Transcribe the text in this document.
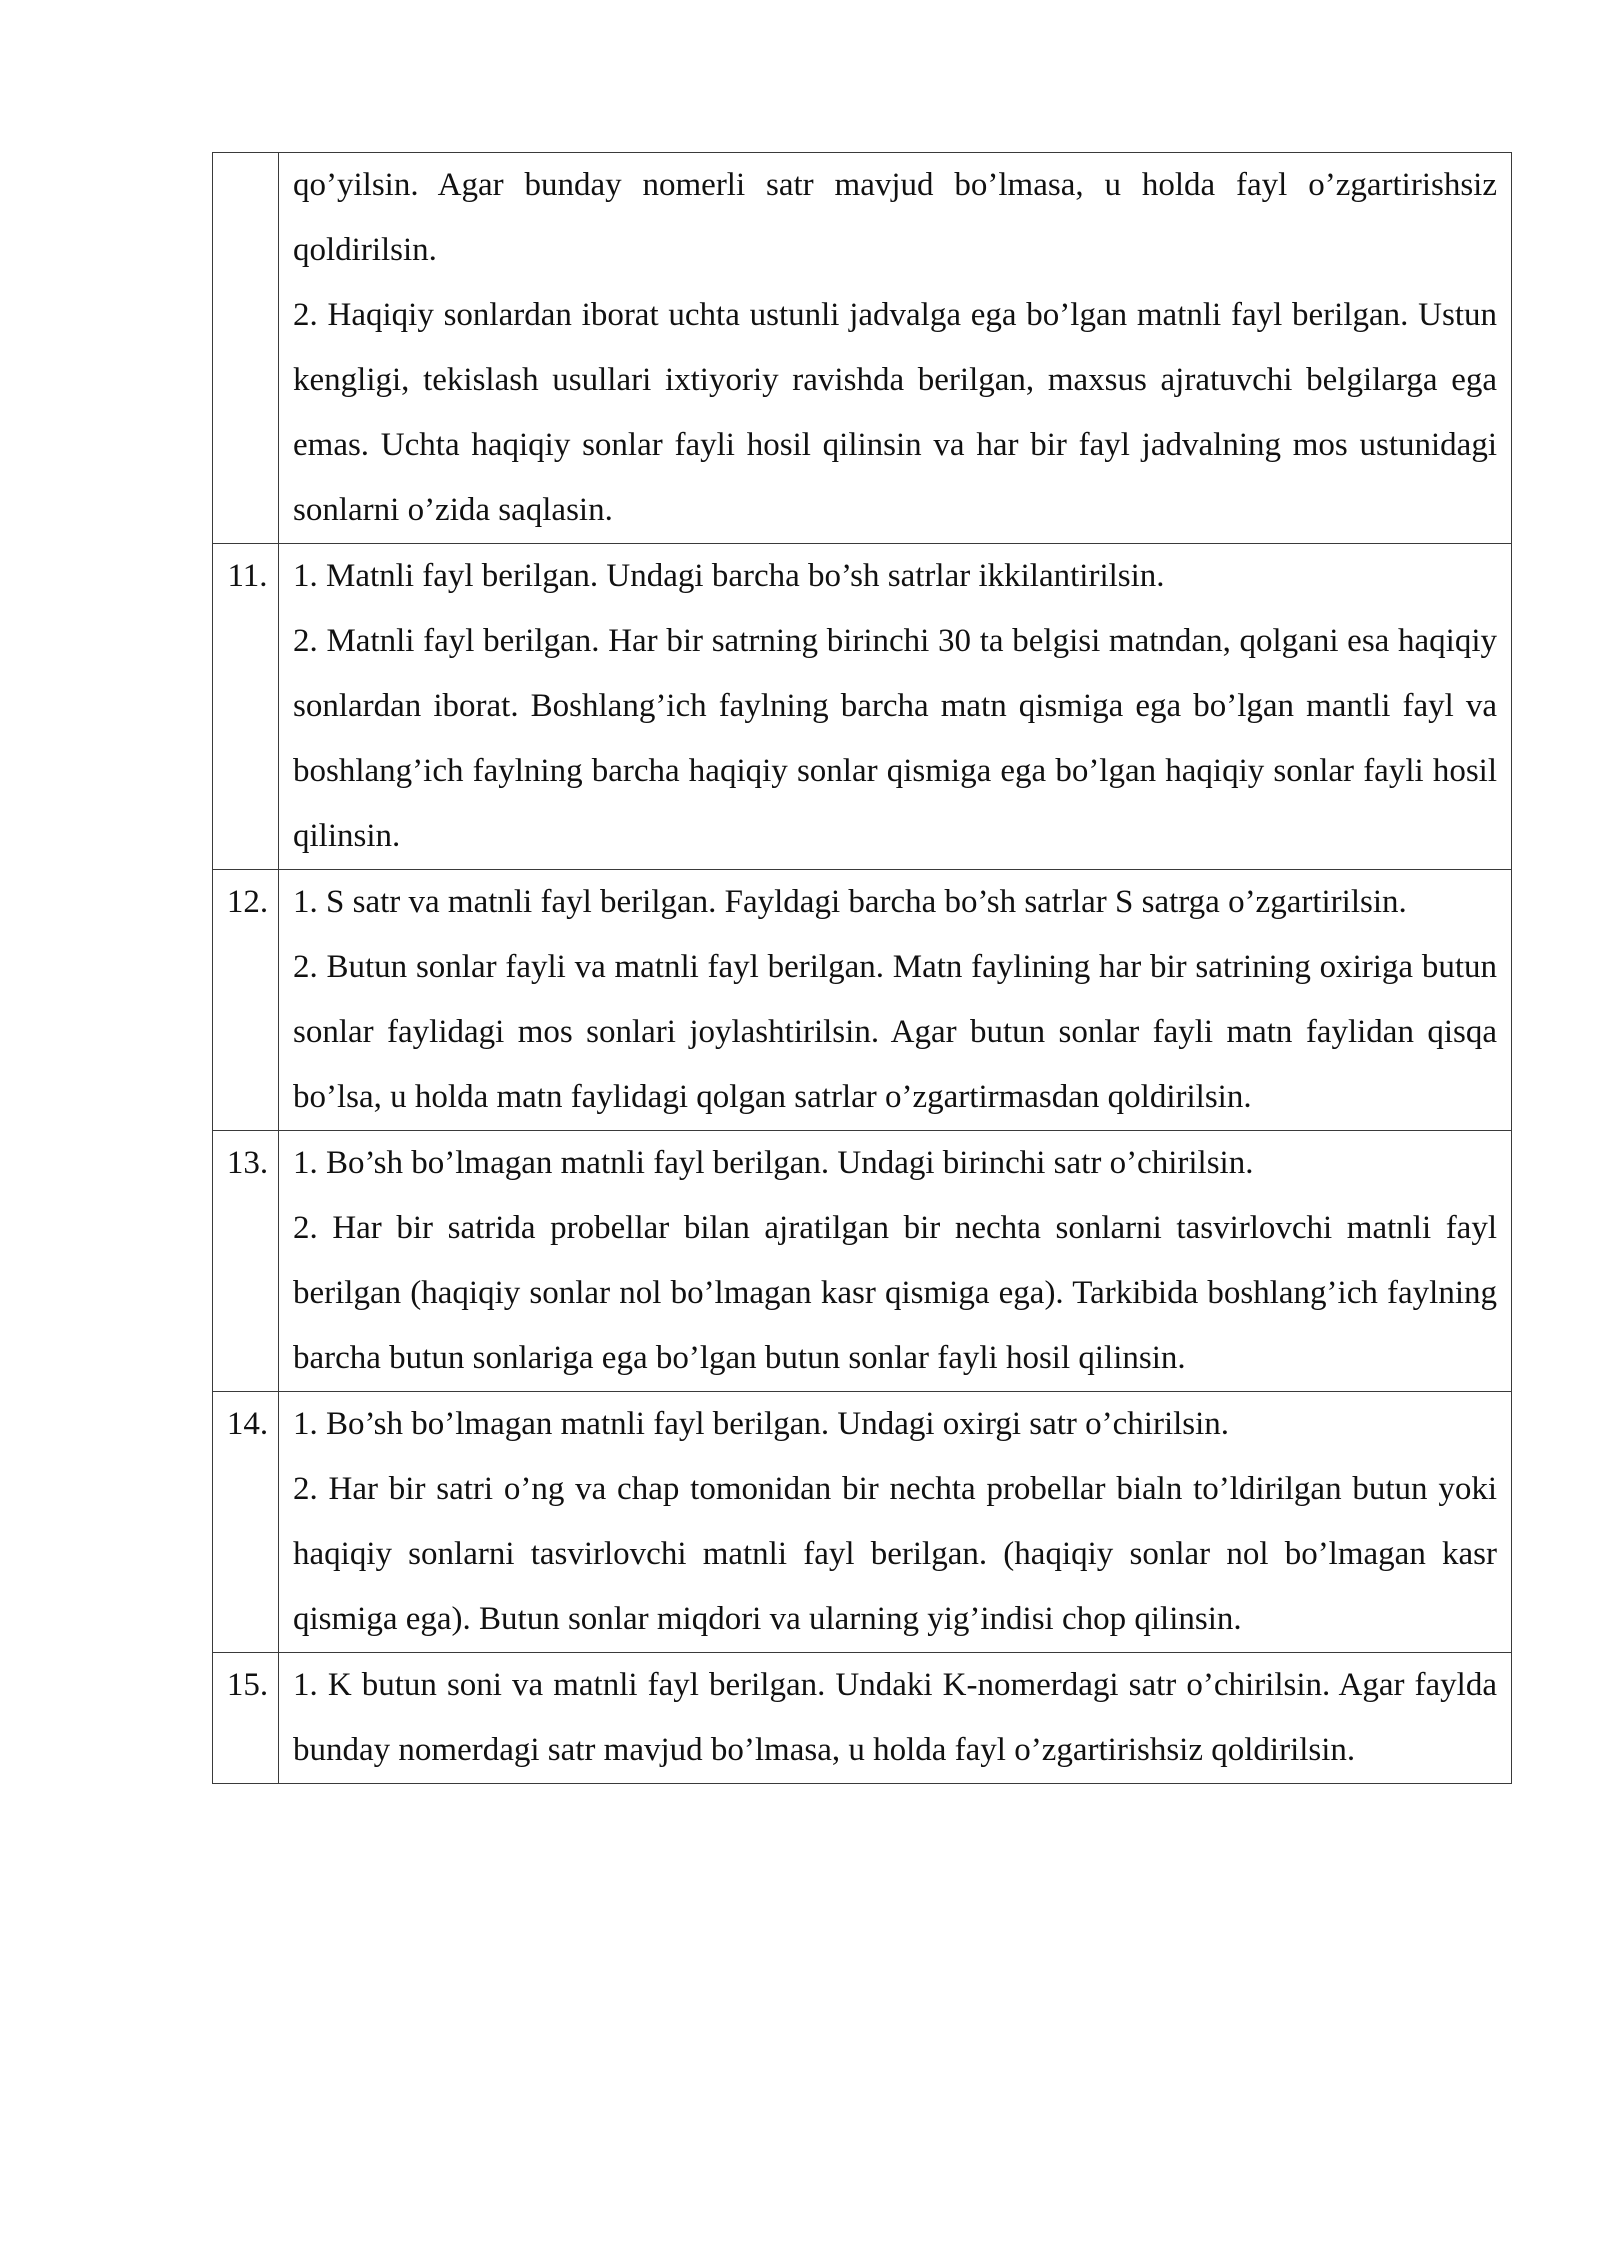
	qo’yilsin. Agar bunday nomerli satr mavjud bo’lmasa, u holda fayl o’zgartirishsiz qoldirilsin.

2. Haqiqiy sonlardan iborat uchta ustunli jadvalga ega bo’lgan matnli fayl berilgan. Ustun kengligi, tekislash usullari ixtiyoriy ravishda berilgan, maxsus ajratuvchi belgilarga ega emas. Uchta haqiqiy sonlar fayli hosil qilinsin va har bir fayl jadvalning mos ustunidagi sonlarni o’zida saqlasin.

11.	1. Matnli fayl berilgan. Undagi barcha bo’sh satrlar ikkilantirilsin.

2. Matnli fayl berilgan. Har bir satrning birinchi 30 ta belgisi matndan, qolgani esa haqiqiy sonlardan iborat. Boshlang’ich faylning barcha matn qismiga ega bo’lgan mantli fayl va boshlang’ich faylning barcha haqiqiy sonlar qismiga ega bo’lgan haqiqiy sonlar fayli hosil qilinsin.

12.	1. S satr va matnli fayl berilgan. Fayldagi barcha bo’sh satrlar S satrga o’zgartirilsin.

2. Butun sonlar fayli va matnli fayl berilgan. Matn faylining har bir satrining oxiriga butun sonlar faylidagi mos sonlari joylashtirilsin. Agar butun sonlar fayli matn faylidan qisqa bo’lsa, u holda matn faylidagi qolgan satrlar o’zgartirmasdan qoldirilsin.

13.	1. Bo’sh bo’lmagan matnli fayl berilgan. Undagi birinchi satr o’chirilsin.

2. Har bir satrida probellar bilan ajratilgan bir nechta sonlarni tasvirlovchi matnli fayl berilgan (haqiqiy sonlar nol bo’lmagan kasr qismiga ega). Tarkibida boshlang’ich faylning barcha butun sonlariga ega bo’lgan butun sonlar fayli hosil qilinsin.

14.	1. Bo’sh bo’lmagan matnli fayl berilgan. Undagi oxirgi satr o’chirilsin.

2. Har bir satri o’ng va chap tomonidan bir nechta probellar bialn to’ldirilgan butun yoki haqiqiy sonlarni tasvirlovchi matnli fayl berilgan. (haqiqiy sonlar nol bo’lmagan kasr qismiga ega). Butun sonlar miqdori va ularning yig’indisi chop qilinsin.

15.	1. K butun soni va matnli fayl berilgan. Undaki K-nomerdagi satr o’chirilsin. Agar faylda bunday nomerdagi satr mavjud bo’lmasa, u holda fayl o’zgartirishsiz qoldirilsin.
